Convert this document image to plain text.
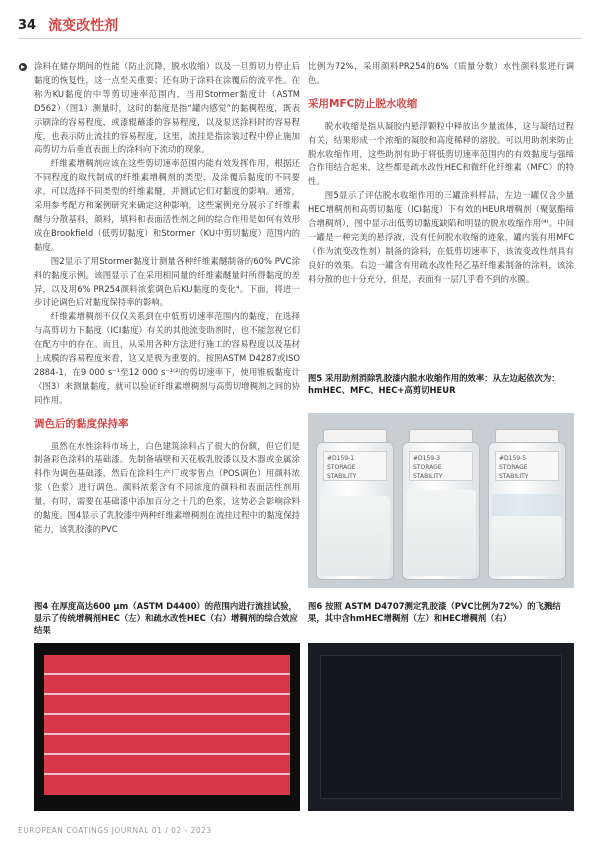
34 流变改性剂

涂料在储存期间的性能（防止沉降，脱水收缩）以及一旦剪切力停止后黏度的恢复性，这一点至关重要；还有助于涂料在涂覆后的流平性。在称为KU黏度的中等剪切速率范围内，当用Stormer黏度计（ASTM D562）（图1）测量时，这时的黏度是指“罐内感觉”的黏稠程度，既表示刷涂的容易程度，或漆辊蘸漆的容易程度，以及泵送涂料时的容易程度，也表示防止流挂的容易程度，这里，流挂是指涂装过程中停止施加高剪切力后垂直表面上的涂料向下流动的现象。

纤维素增稠剂应该在这些剪切速率范围内能有效发挥作用，根据还不同程度的取代制成的纤维素增稠剂的类型，及涂覆后黏度的不同要求，可以选择不同类型的纤维素醚，并测试它们对黏度的影响。通常，采用参考配方和案例研究来确定这种影响，这些案例充分展示了纤维素醚与分散基料，颜料，填料和表面活性剂之间的综合作用是如何有效形成在Brookfield（低剪切黏度）和Stormer（KU中剪切黏度）范围内的黏度。

图2显示了用Stormer黏度计测量各种纤维素醚制备的60% PVC涂料的黏度示例。该图显示了在采用相同量的纤维素醚量时所得黏度的差异，以及用6% PR254颜料浓浆调色后KU黏度的变化⁴。下面，将进一步讨论调色后对黏度保持率的影响。

纤维素增稠剂不仅仅关系到在中低剪切速率范围内的黏度，在选择与高剪切力下黏度（ICI黏度）有关的其他流变助剂时，也不能忽视它们在配方中的存在。而且，从采用各种方法进行施工的容易程度以及基材上成膜的容易程度来看，这又是极为重要的。按照ASTM D4287或ISO 2884-1，在9 000 s⁻¹至12 000 s⁻¹⁽²⁾的剪切速率下，使用锥板黏度计（图3）来测量黏度，就可以验证纤维素增稠剂与高剪切增稠剂之间的协同作用。

调色后的黏度保持率

虽然在水性涂料市场上，白色建筑涂料占了很大的份额，但它们是制备彩色涂料的基础漆。先制备墙壁和天花板乳胶漆以及木器或金属涂料作为调色基础漆，然后在涂料生产厂或零售点（POS调色）用颜料浓浆（色浆）进行调色。颜料浓浆含有不同浓度的颜料和表面活性剂用量，有时，需要在基础漆中添加百分之十几的色浆，这势必会影响涂料的黏度。图4显示了乳胶漆中两种纤维素增稠剂在流挂过程中的黏度保持能力，该乳胶漆的PVC

比例为72%，采用颜料PR254的6%（质量分数）水性颜料浆进行调色。

采用MFC防止脱水收缩

脱水收缩是指从凝胶内悬浮颗粒中释放出少量流体，这与凝结过程有关，结果形成一个浓缩的凝胶和高度稀释的溶胶。可以用助剂来防止脱水收缩作用，这些助剂有助于将低剪切速率范围内的有效黏度与强缔合作用结合起来，这些都是疏水改性HEC和微纤化纤维素（MFC）的特性。

图5显示了评估脱水收缩作用的三罐涂料样品，左边一罐仅含少量HEC增稠剂和高剪切黏度（ICI黏度）下有效的HEUR增稠剂（聚氨酯缔合增稠剂），图中显示出低剪切黏度缺陷和明显的脱水收缩作用⁽⁴⁾。中间一罐是一种完美的悬浮液，没有任何脱水收缩的迹象，罐内装有用MFC（作为流变改性剂）制备的涂料，在低剪切速率下，该流变改性剂具有良好的效果。右边一罐含有用疏水改性羟乙基纤维素制备的涂料，该涂料分散的也十分充分，但是，表面有一层几乎看不到的水膜。

图5 采用助剂消除乳胶漆内脱水收缩作用的效率：从左边起依次为：hmHEC、MFC、HEC+高剪切HEUR
#D159-1 STORAGE STABILITY
#D159-3 STORAGE STABILITY
#D159-5 STORAGE STABILITY
图4 在厚度高达600 μm（ASTM D4400）的范围内进行流挂试验，显示了传统增稠剂HEC（左）和疏水改性HEC（右）增稠剂的综合效应结果
图6 按照 ASTM D4707测定乳胶漆（PVC比例为72%）的飞溅结果，其中含hmHEC增稠剂（左）和HEC增稠剂（右）
EUROPEAN COATINGS JOURNAL 01 / 02 - 2023
